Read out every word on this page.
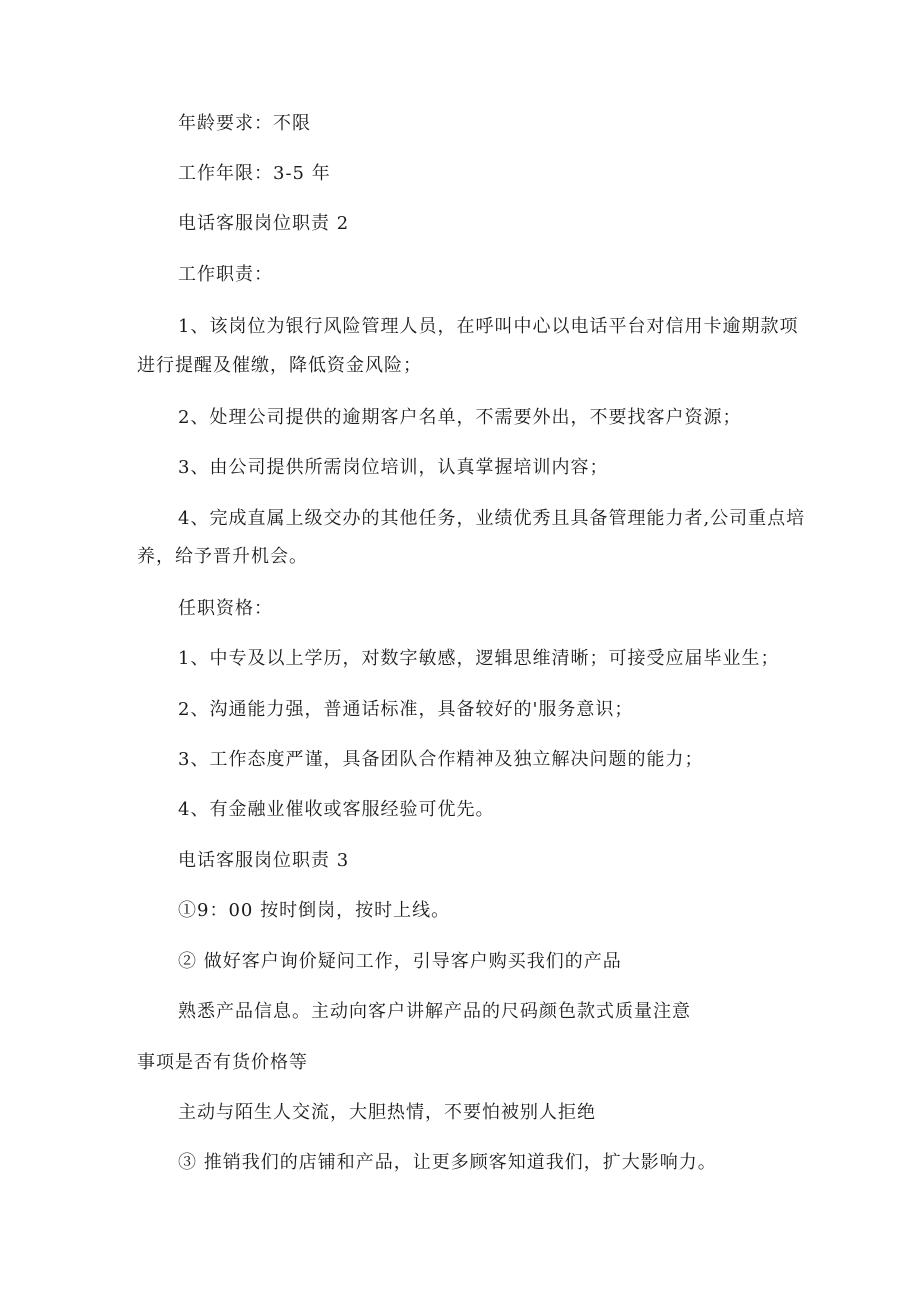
年龄要求：不限

工作年限：3-5 年

电话客服岗位职责 2

工作职责：

1、该岗位为银行风险管理人员，在呼叫中心以电话平台对信用卡逾期款项

进行提醒及催缴，降低资金风险；

2、处理公司提供的逾期客户名单，不需要外出，不要找客户资源；

3、由公司提供所需岗位培训，认真掌握培训内容；

4、完成直属上级交办的其他任务，业绩优秀且具备管理能力者,公司重点培

养，给予晋升机会。

任职资格：

1、中专及以上学历，对数字敏感，逻辑思维清晰；可接受应届毕业生；

2、沟通能力强，普通话标准，具备较好的'服务意识；

3、工作态度严谨，具备团队合作精神及独立解决问题的能力；

4、有金融业催收或客服经验可优先。

电话客服岗位职责 3

①9：00 按时倒岗，按时上线。

② 做好客户询价疑问工作，引导客户购买我们的产品

熟悉产品信息。主动向客户讲解产品的尺码颜色款式质量注意

事项是否有货价格等

主动与陌生人交流，大胆热情，不要怕被别人拒绝

③ 推销我们的店铺和产品，让更多顾客知道我们，扩大影响力。
